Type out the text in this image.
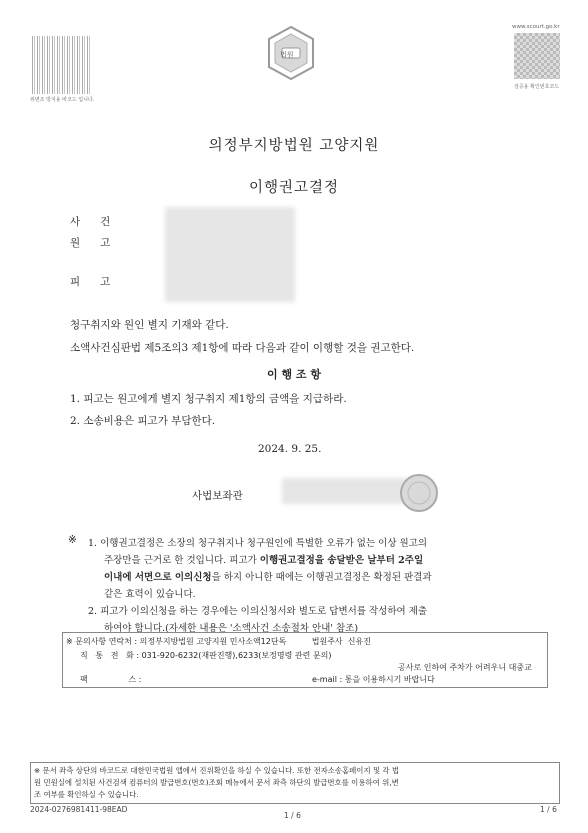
위변조 방지용 바코드 입니다.
법원
www.scourt.go.kr
검증용 확인번호코드
의정부지방법원 고양지원
이행권고결정
사      건
원      고
피      고
청구취지와 원인 별지 기재와 같다.
소액사건심판법 제5조의3 제1항에 따라 다음과 같이 이행할 것을 권고한다.
이 행 조 항
1. 피고는 원고에게 별지 청구취지 제1항의 금액을 지급하라.
2. 소송비용은 피고가 부담한다.
2024. 9. 25.
사법보좌관
※ 1. 이행권고결정은 소장의 청구취지나 청구원인에 특별한 오류가 없는 이상 원고의
주장만을 근거로 한 것입니다. 피고가 이행권고결정을 송달받은 날부터 2주일
이내에 서면으로 이의신청을 하지 아니한 때에는 이행권고결정은 확정된 판결과
같은 효력이 있습니다.
2. 피고가 이의신청을 하는 경우에는 이의신청서와 별도로 답변서를 작성하여 제출
하여야 합니다.(자세한 내용은 '소액사건 소송절차 안내' 참조)
※ 문의사항 연락처 : 의정부지방법원 고양지원 민사소액12단독          법원주사  신유진
직   통   전   화 : 031-920-6232(재판진행),6233(보정명령 관련 문의)
공사로 인하여 주차가 어려우니 대중교
팩                스 :	e-mail : 통을 이용하시기 바랍니다
※ 문서 좌측 상단의 바코드로 대한민국법원 앱에서 진위확인을 하실 수 있습니다. 또한 전자소송홈페이지 및 각 법
원 민원실에 설치된 사건검색 컴퓨터의 발급번호(번호)조회 메뉴에서 문서 좌측 하단의 발급번호를 이용하여 위,변
조 여부를 확인하실 수 있습니다.
2024-0276981411-98EAD
1 / 6
1 / 6
